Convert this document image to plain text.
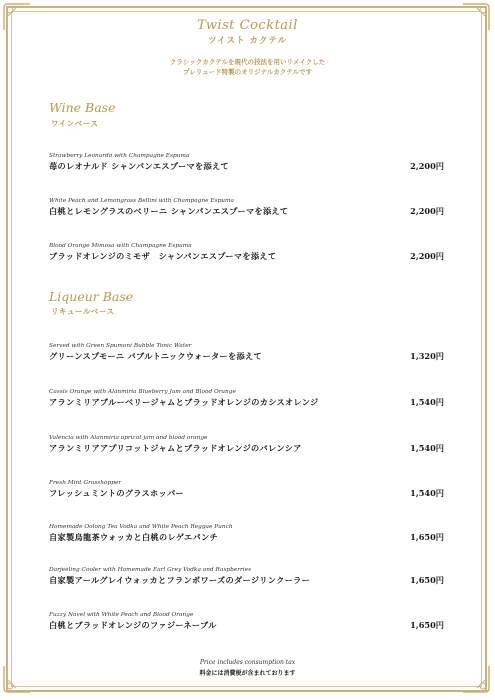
Twist Cocktail
ツイスト カクテル
クラシックカクテルを現代の技法を用いリメイクした
プレリュード特製のオリジナルカクテルです
Wine Base
ワインベース
Strawberry Leonardo with Champagne Espuma
苺のレオナルド シャンパンエスプーマを添えて	2,200円
White Peach and Lemongrass Bellini with Champagne Espuma
白桃とレモングラスのベリーニ シャンパンエスプーマを添えて	2,200円
Blood Orange Mimosa with Champagne Espuma
ブラッドオレンジのミモザ　シャンパンエスプーマを添えて	2,200円
Liqueur Base
リキュールベース
Served with Green Spumoni Bubble Tonic Water
グリーンスプモーニ バブルトニックウォーターを添えて	1,320円
Cassis Orange with Alanmiria Blueberry Jam and Blood Orange
アランミリアブルーベリージャムとブラッドオレンジのカシスオレンジ	1,540円
Valencia with Alanmiria apricot jam and blood orange
アランミリアアプリコットジャムとブラッドオレンジのバレンシア	1,540円
Fresh Mint Grasshopper
フレッシュミントのグラスホッパー	1,540円
Homemade Oolong Tea Vodka and White Peach Reggae Punch
自家製烏龍茶ウォッカと白桃のレゲエパンチ	1,650円
Darjeeling Cooler with Homemade Earl Grey Vodka and Raspberries
自家製アールグレイウォッカとフランボワーズのダージリンクーラー	1,650円
Fuzzy Navel with White Peach and Blood Orange
白桃とブラッドオレンジのファジーネーブル	1,650円
Price includes consumption tax
料金には消費税が含まれております
